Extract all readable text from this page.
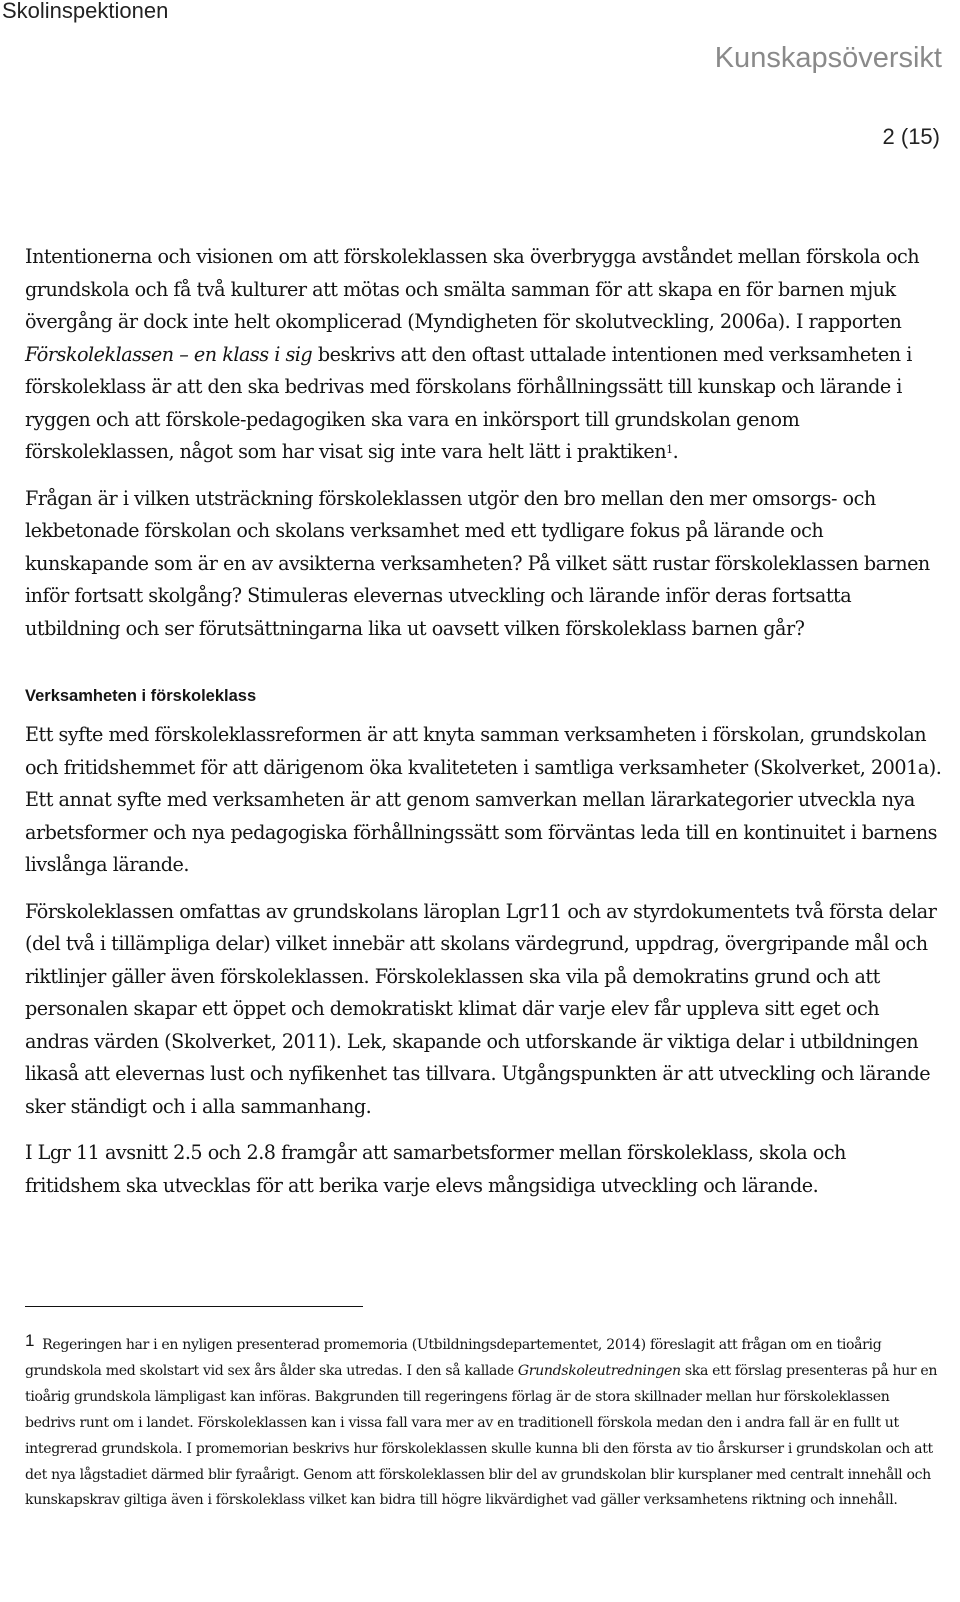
Skolinspektionen
Kunskapsöversikt
2 (15)

Intentionerna och visionen om att förskoleklassen ska överbrygga avståndet mellan förskola och grundskola och få två kulturer att mötas och smälta samman för att skapa en för barnen mjuk övergång är dock inte helt okomplicerad (Myndigheten för skolutveckling, 2006a). I rapporten Förskoleklassen – en klass i sig beskrivs att den oftast uttalade intentionen med verksamheten i förskoleklass är att den ska bedrivas med förskolans förhållningssätt till kunskap och lärande i ryggen och att förskole-pedagogiken ska vara en inkörsport till grundskolan genom förskoleklassen, något som har visat sig inte vara helt lätt i praktiken$^1$.

Frågan är i vilken utsträckning förskoleklassen utgör den bro mellan den mer omsorgs- och lekbetonade förskolan och skolans verksamhet med ett tydligare fokus på lärande och kunskapande som är en av avsikterna verksamheten? På vilket sätt rustar förskoleklassen barnen inför fortsatt skolgång? Stimuleras elevernas utveckling och lärande inför deras fortsatta utbildning och ser förutsättningarna lika ut oavsett vilken förskoleklass barnen går?

Verksamheten i förskoleklass

Ett syfte med förskoleklassreformen är att knyta samman verksamheten i förskolan, grundskolan och fritidshemmet för att därigenom öka kvaliteteten i samtliga verksamheter (Skolverket, 2001a). Ett annat syfte med verksamheten är att genom samverkan mellan lärarkategorier utveckla nya arbetsformer och nya pedagogiska förhållningssätt som förväntas leda till en kontinuitet i barnens livslånga lärande.

Förskoleklassen omfattas av grundskolans läroplan Lgr11 och av styrdokumentets två första delar (del två i tillämpliga delar) vilket innebär att skolans värdegrund, uppdrag, övergripande mål och riktlinjer gäller även förskoleklassen. Förskoleklassen ska vila på demokratins grund och att personalen skapar ett öppet och demokratiskt klimat där varje elev får uppleva sitt eget och andras värden (Skolverket, 2011). Lek, skapande och utforskande är viktiga delar i utbildningen likaså att elevernas lust och nyfikenhet tas tillvara. Utgångspunkten är att utveckling och lärande sker ständigt och i alla sammanhang.

I Lgr 11 avsnitt 2.5 och 2.8 framgår att samarbetsformer mellan förskoleklass, skola och fritidshem ska utvecklas för att berika varje elevs mångsidiga utveckling och lärande.

1 Regeringen har i en nyligen presenterad promemoria (Utbildningsdepartementet, 2014) föreslagit att frågan om en tioårig grundskola med skolstart vid sex års ålder ska utredas. I den så kallade Grundskoleutredningen ska ett förslag presenteras på hur en tioårig grundskola lämpligast kan införas. Bakgrunden till regeringens förlag är de stora skillnader mellan hur förskoleklassen bedrivs runt om i landet. Förskoleklassen kan i vissa fall vara mer av en traditionell förskola medan den i andra fall är en fullt ut integrerad grundskola. I promemorian beskrivs hur förskoleklassen skulle kunna bli den första av tio årskurser i grundskolan och att det nya lågstadiet därmed blir fyraårigt. Genom att förskoleklassen blir del av grundskolan blir kursplaner med centralt innehåll och kunskapskrav giltiga även i förskoleklass vilket kan bidra till högre likvärdighet vad gäller verksamhetens riktning och innehåll.
